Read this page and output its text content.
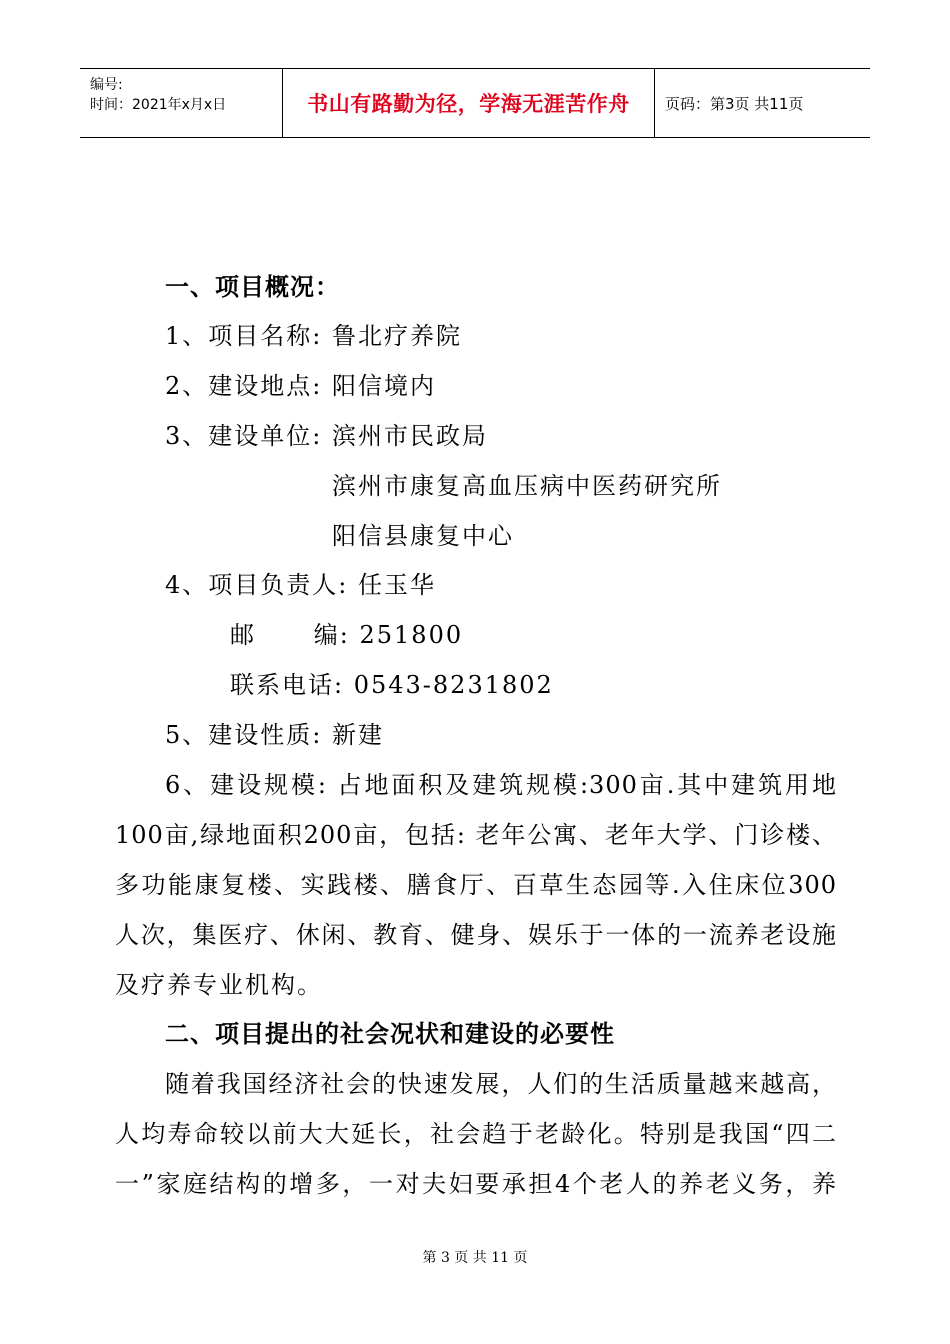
编号:
时间：2021年x月x日	书山有路勤为径，学海无涯苦作舟	页码：第3页 共11页
一、项目概况：
1、项目名称: 鲁北疗养院
2、建设地点: 阳信境内
3、建设单位: 滨州市民政局
滨州市康复高血压病中医药研究所
阳信县康复中心
4、项目负责人: 任玉华
邮      编: 251800
联系电话: 0543-8231802
5、建设性质: 新建
6、建设规模: 占地面积及建筑规模:300亩.其中建筑用地
100亩,绿地面积200亩，包括: 老年公寓、老年大学、门诊楼、
多功能康复楼、实践楼、膳食厅、百草生态园等.入住床位300
人次，集医疗、休闲、教育、健身、娱乐于一体的一流养老设施
及疗养专业机构。
二、项目提出的社会况状和建设的必要性
随着我国经济社会的快速发展，人们的生活质量越来越高，
人均寿命较以前大大延长，社会趋于老龄化。特别是我国“四二
一”家庭结构的增多，一对夫妇要承担4个老人的养老义务，养
第 3 页 共 11 页
